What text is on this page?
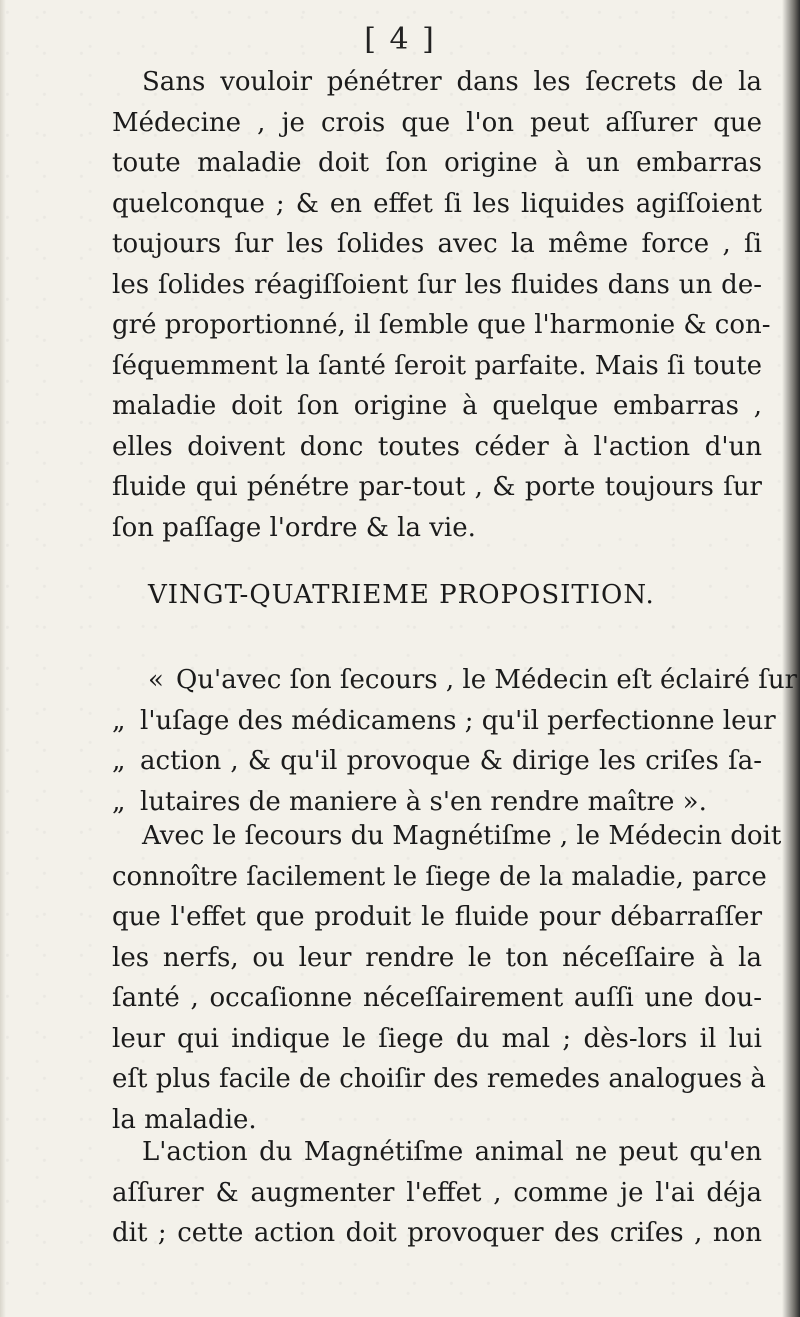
[ 4 ]
Sans vouloir pénétrer dans les ſecrets de la
Médecine , je crois que l'on peut aſſurer que
toute maladie doit ſon origine à un embarras
quelconque ; & en effet ſi les liquides agiſſoient
toujours ſur les ſolides avec la même force , ſi
les ſolides réagiſſoient ſur les fluides dans un de-
gré proportionné, il ſemble que l'harmonie & con-
ſéquemment la ſanté ſeroit parfaite. Mais ſi toute
maladie doit ſon origine à quelque embarras ,
elles doivent donc toutes céder à l'action d'un
fluide qui pénétre par-tout , & porte toujours ſur
ſon paſſage l'ordre & la vie.
VINGT-QUATRIEME PROPOSITION.
« Qu'avec ſon ſecours , le Médecin eſt éclairé ſur
„ l'uſage des médicamens ; qu'il perfectionne leur
„ action , & qu'il provoque & dirige les criſes ſa-
„ lutaires de maniere à s'en rendre maître ».
Avec le ſecours du Magnétiſme , le Médecin doit
connoître ſacilement le ſiege de la maladie, parce
que l'effet que produit le fluide pour débarraſſer
les nerfs, ou leur rendre le ton néceſſaire à la
ſanté , occaſionne néceſſairement auſſi une dou-
leur qui indique le ſiege du mal ; dès-lors il lui
eſt plus facile de choiſir des remedes analogues à
la maladie.
L'action du Magnétiſme animal ne peut qu'en
aſſurer & augmenter l'effet , comme je l'ai déja
dit ; cette action doit provoquer des criſes , non
